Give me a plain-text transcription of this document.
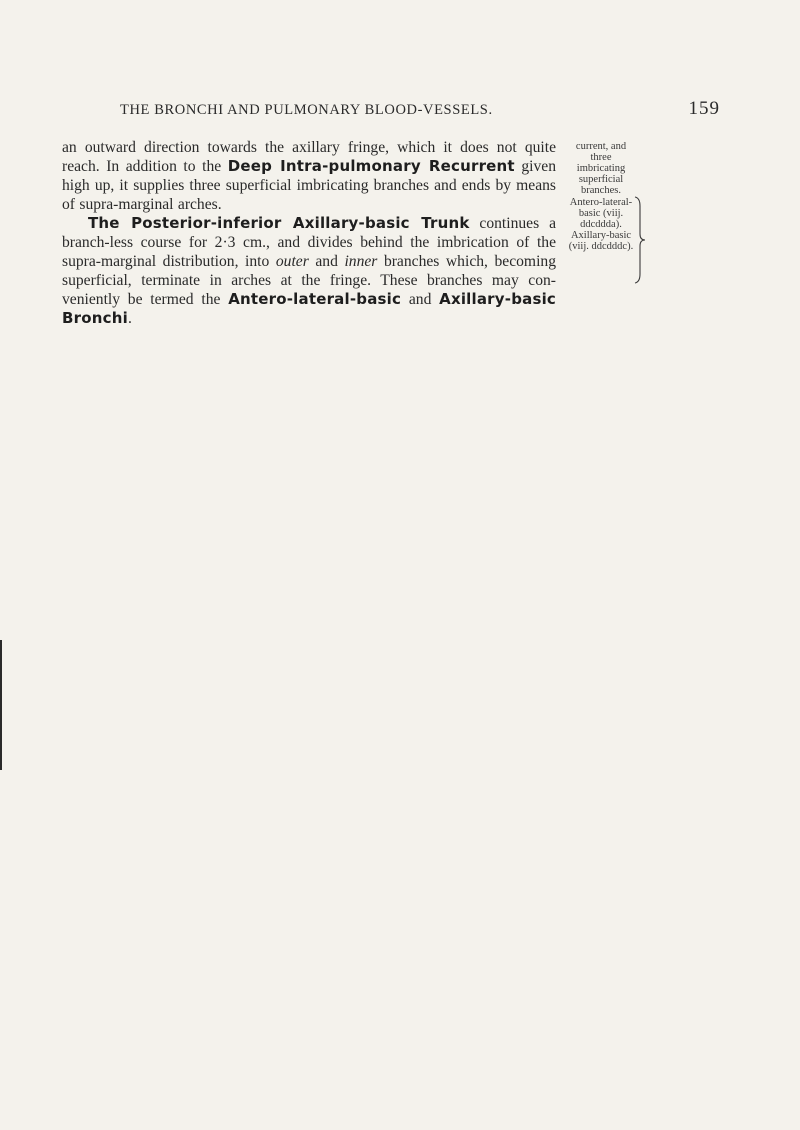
THE BRONCHI AND PULMONARY BLOOD-VESSELS.	159

an outward direction towards the axillary fringe, which it does not quite reach. In addition to the Deep Intra-pulmonary Recurrent given high up, it supplies three superficial imbricating branches and ends by means of supra-marginal arches.

The Posterior-inferior Axillary-basic Trunk continues a branch-less course for 2·3 cm., and divides behind the imbrication of the supra-marginal distribution, into outer and inner branches which, becoming superficial, terminate in arches at the fringe. These branches may con-veniently be termed the Antero-lateral-basic and Axillary-basic Bronchi.

current, and three imbricating superficial branches.
Antero-lateral-basic (viij. ddcddda). Axillary-basic (viij. ddcdddc).
